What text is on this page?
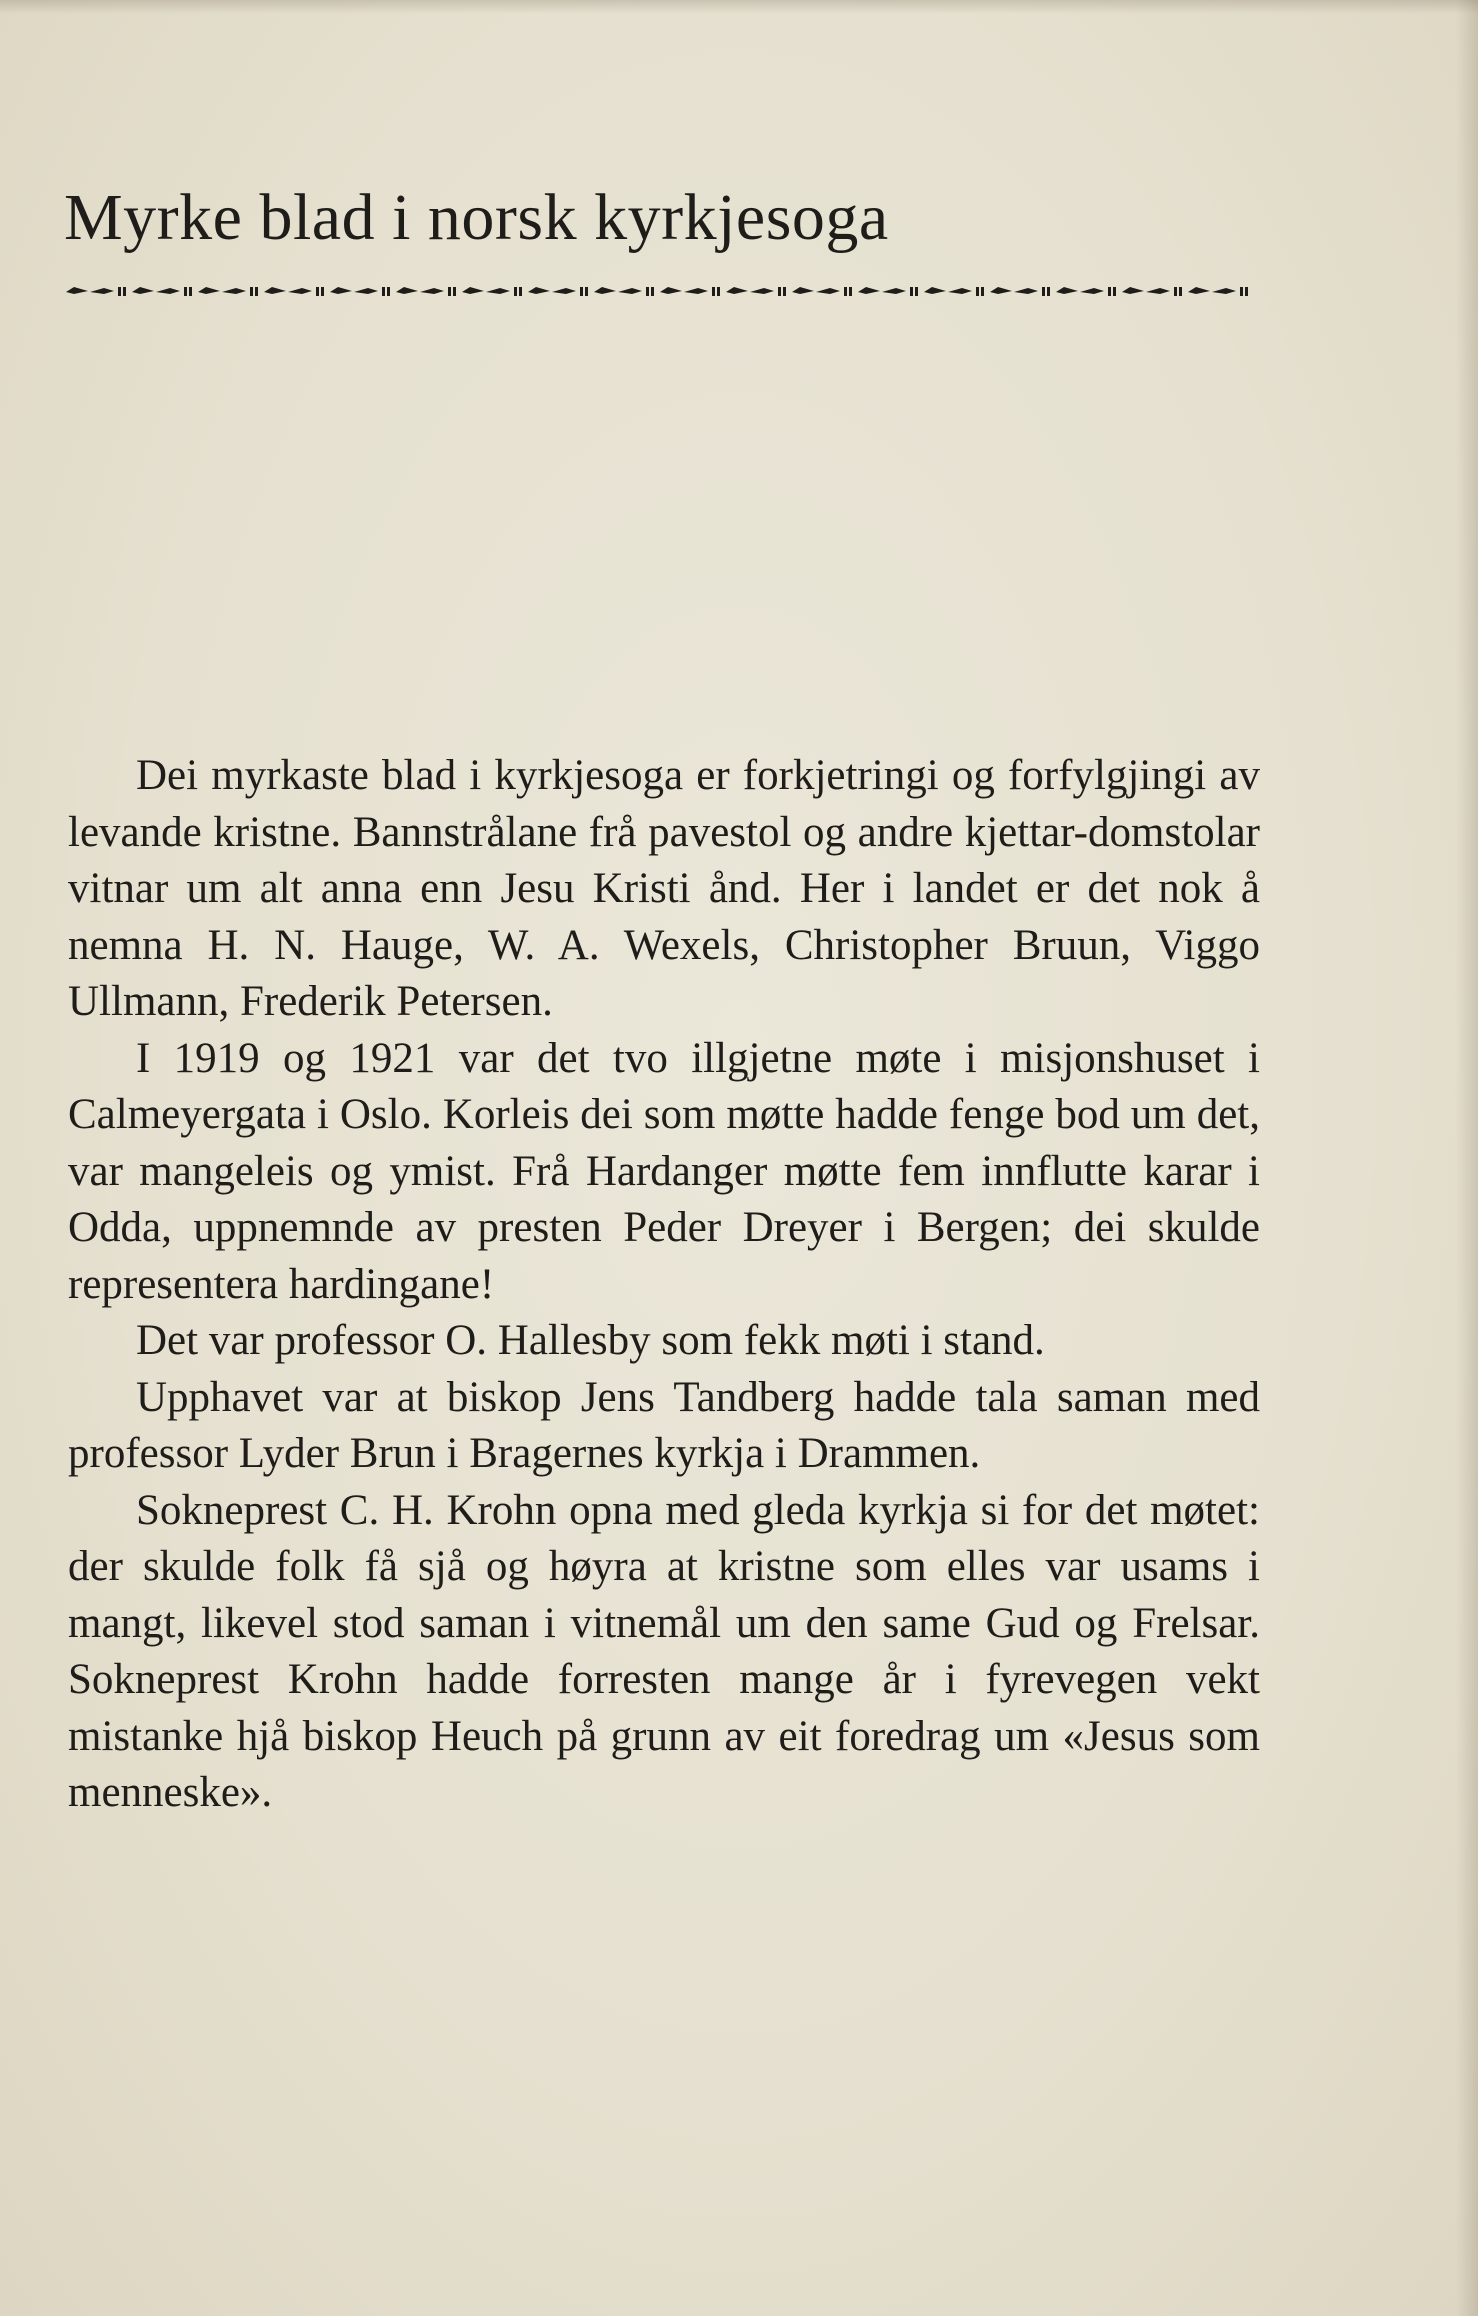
Myrke blad i norsk kyrkjesoga

Dei myrkaste blad i kyrkjesoga er forkjetringi og forfylgjingi av levande kristne. Bannstrålane frå pavestol og andre kjettar-domstolar vitnar um alt anna enn Jesu Kristi ånd. Her i landet er det nok å nemna H. N. Hauge, W. A. Wexels, Christopher Bruun, Viggo Ullmann, Frederik Petersen.

I 1919 og 1921 var det tvo illgjetne møte i misjonshuset i Calmeyergata i Oslo. Korleis dei som møtte hadde fenge bod um det, var mangeleis og ymist. Frå Hardanger møtte fem innflutte karar i Odda, uppnemnde av presten Peder Dreyer i Bergen; dei skulde representera hardingane!

Det var professor O. Hallesby som fekk møti i stand.

Upphavet var at biskop Jens Tandberg hadde tala saman med professor Lyder Brun i Bragernes kyrkja i Drammen.

Sokneprest C. H. Krohn opna med gleda kyrkja si for det møtet: der skulde folk få sjå og høyra at kristne som elles var usams i mangt, likevel stod saman i vitnemål um den same Gud og Frelsar. Sokneprest Krohn hadde forresten mange år i fyrevegen vekt mistanke hjå biskop Heuch på grunn av eit foredrag um «Jesus som menneske».
